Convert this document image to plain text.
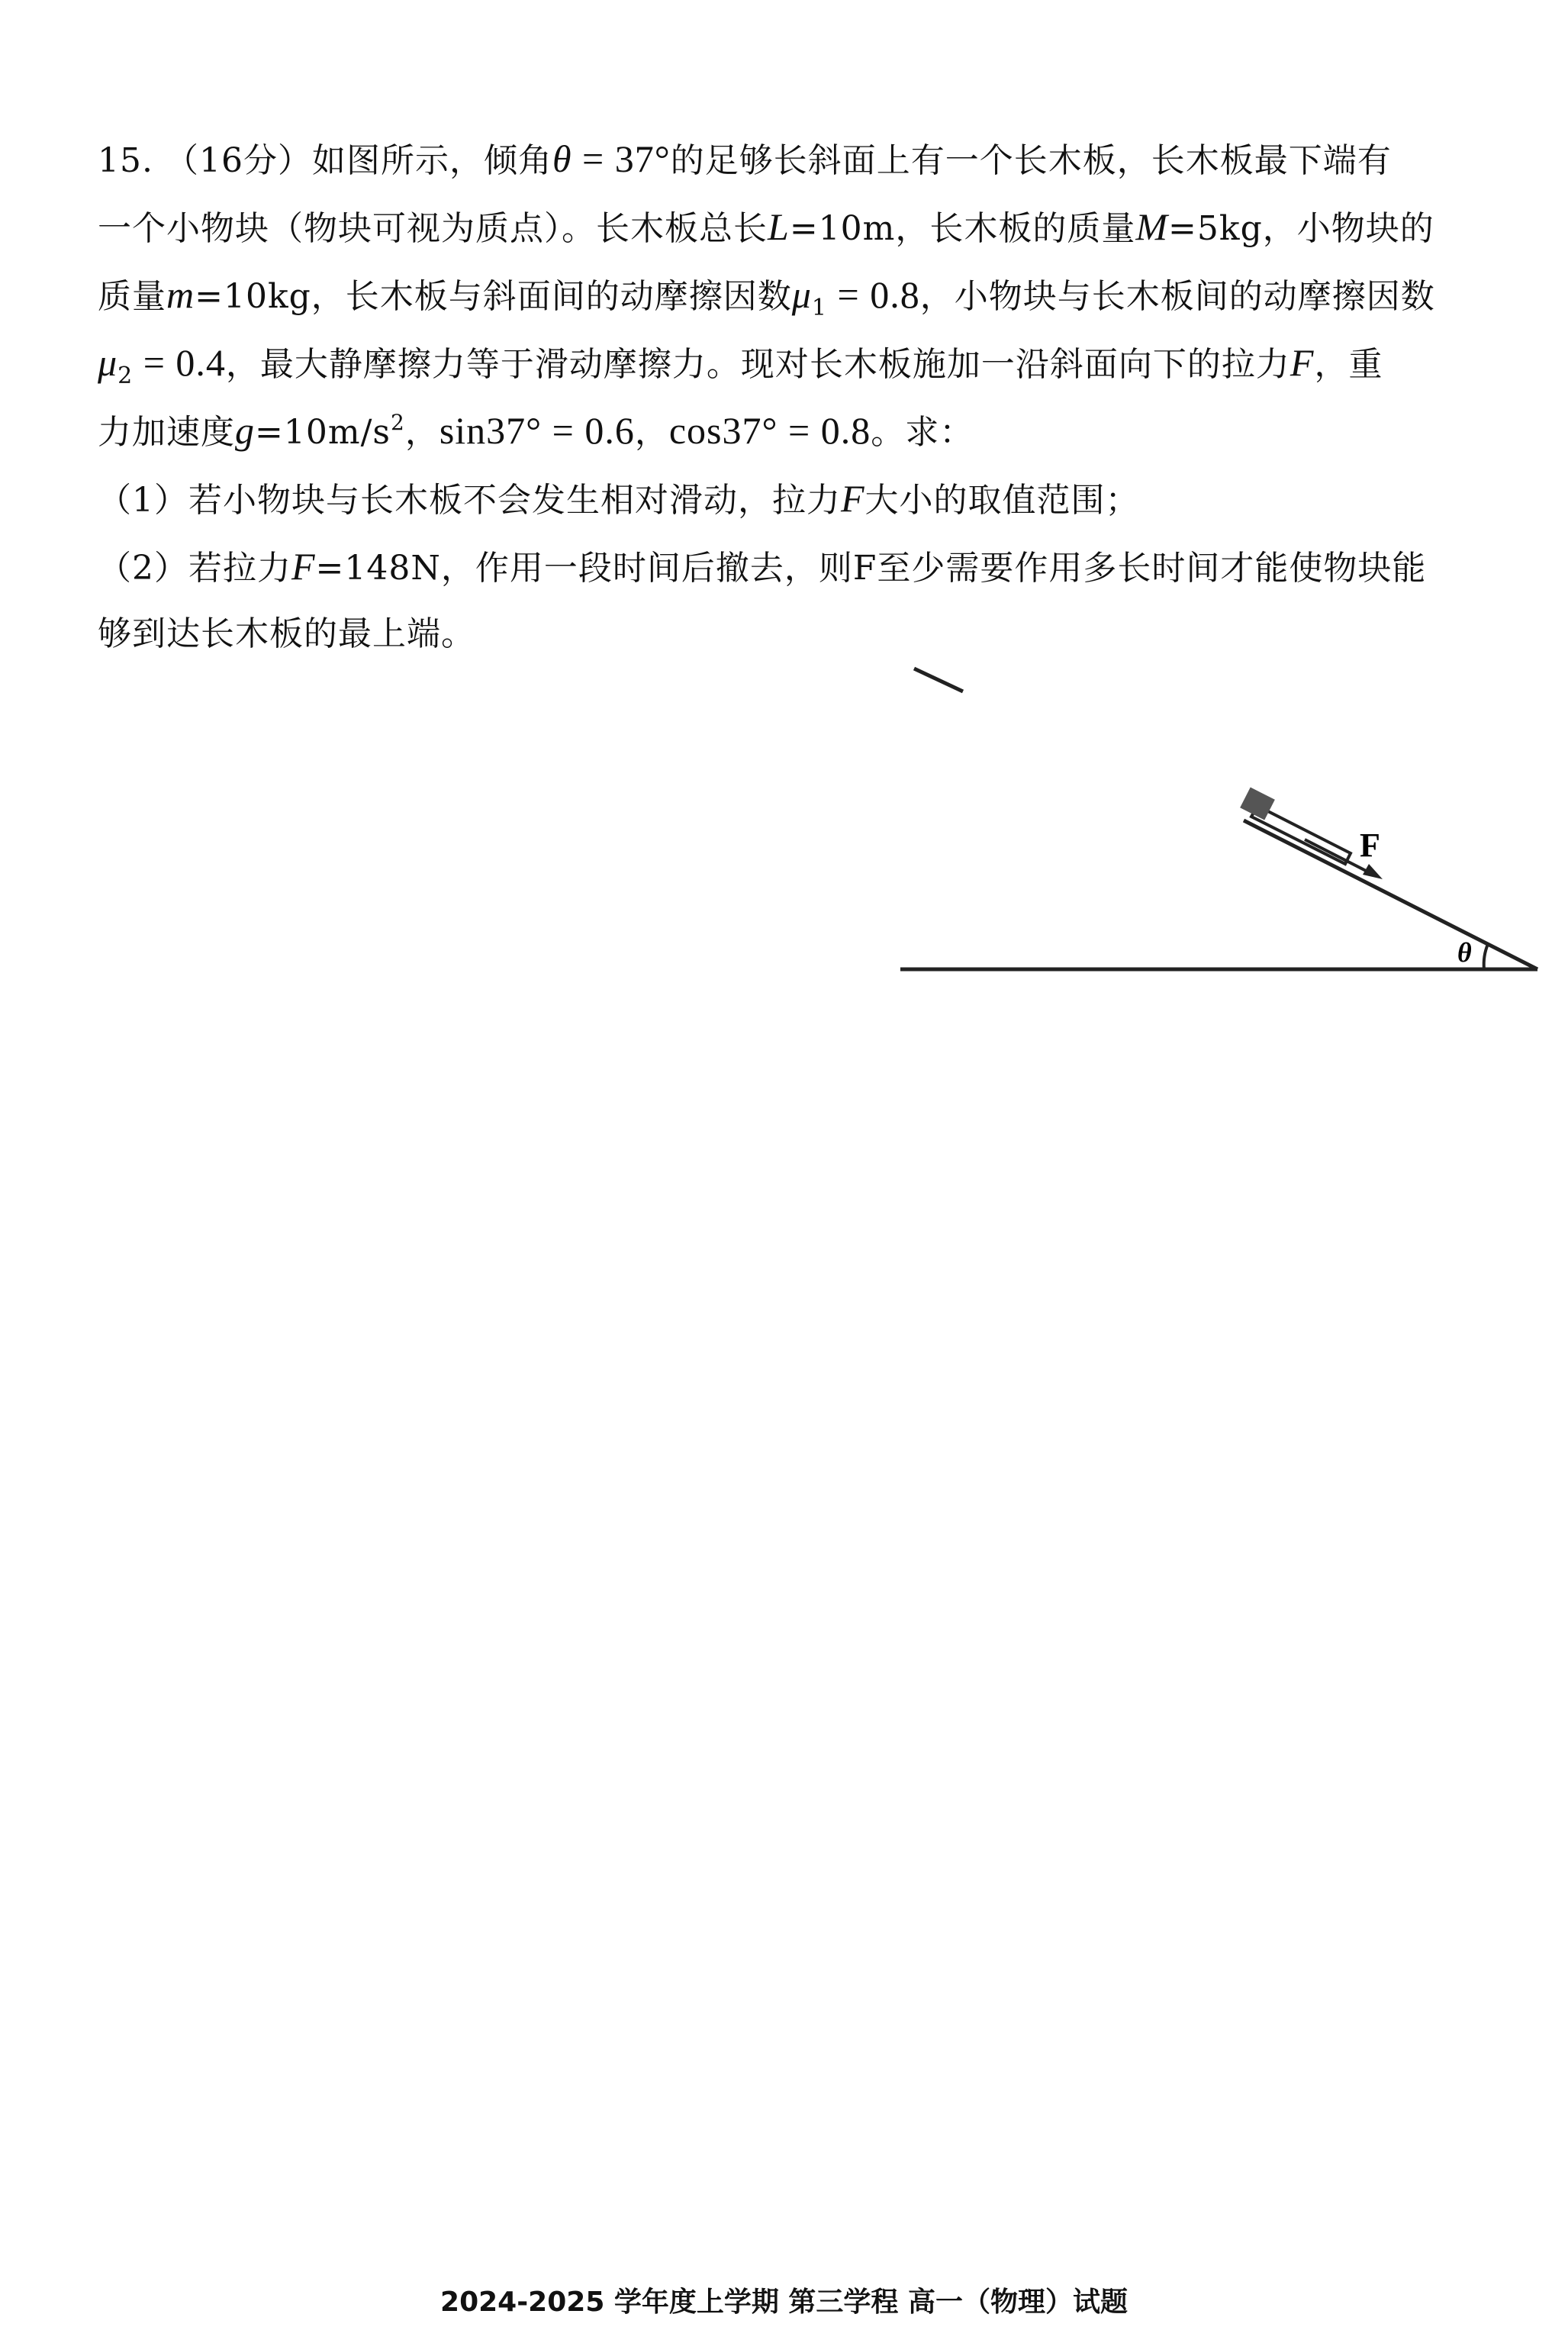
15. （16分）如图所示，倾角θ = 37°的足够长斜面上有一个长木板，长木板最下端有
一个小物块（物块可视为质点）。长木板总长L=10m，长木板的质量M=5kg，小物块的
质量m=10kg，长木板与斜面间的动摩擦因数$\mu_1 = 0.8$，小物块与长木板间的动摩擦因数
$\mu_2 = 0.4$，最大静摩擦力等于滑动摩擦力。现对长木板施加一沿斜面向下的拉力F，重
力加速度$g=10m/s^2$，sin37° = 0.6，cos37° = 0.8。求：
（1）若小物块与长木板不会发生相对滑动，拉力F大小的取值范围；
（2）若拉力F=148N，作用一段时间后撤去，则F至少需要作用多长时间才能使物块能
够到达长木板的最上端。
F
θ
2024-2025 学年度上学期 第三学程 高一（物理）试题
